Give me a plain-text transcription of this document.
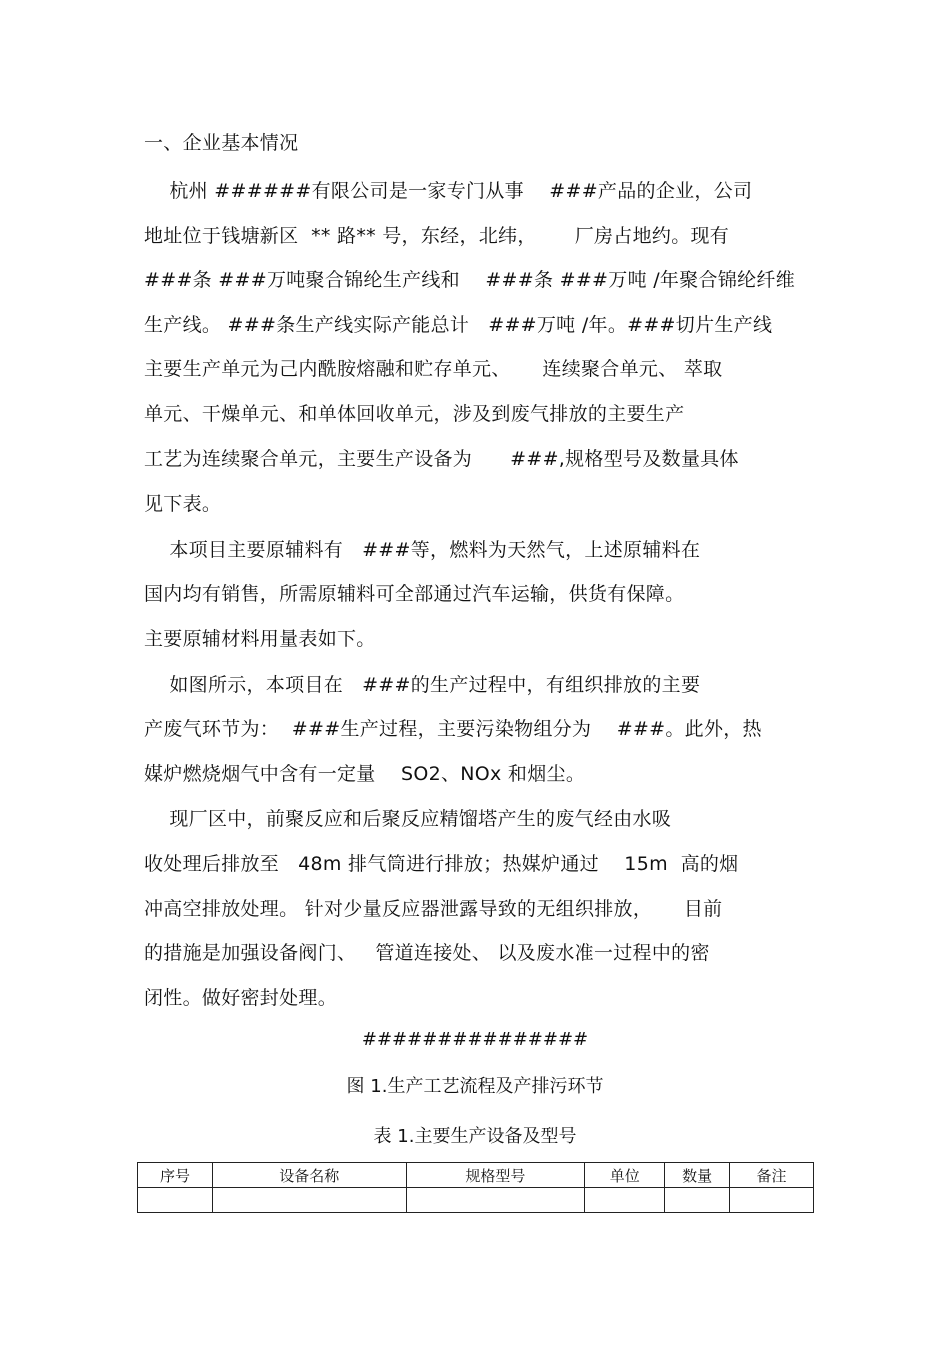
一、企业基本情况
杭州 ######有限公司是一家专门从事    ###产品的企业，公司
地址位于钱塘新区  ** 路** 号，东经，北纬，      厂房占地约。现有
###条 ###万吨聚合锦纶生产线和    ###条 ###万吨 /年聚合锦纶纤维
生产线。 ###条生产线实际产能总计   ###万吨 /年。###切片生产线
主要生产单元为己内酰胺熔融和贮存单元、     连续聚合单元、 萃取
单元、干燥单元、和单体回收单元，涉及到废气排放的主要生产
工艺为连续聚合单元，主要生产设备为      ###,规格型号及数量具体
见下表。
本项目主要原辅料有   ###等，燃料为天然气，上述原辅料在
国内均有销售，所需原辅料可全部通过汽车运输，供货有保障。
主要原辅材料用量表如下。
如图所示，本项目在   ###的生产过程中，有组织排放的主要
产废气环节为：  ###生产过程，主要污染物组分为    ###。此外，热
媒炉燃烧烟气中含有一定量    SO2、NOx 和烟尘。
现厂区中，前聚反应和后聚反应精馏塔产生的废气经由水吸
收处理后排放至   48m 排气筒进行排放；热媒炉通过    15m  高的烟
冲高空排放处理。 针对少量反应器泄露导致的无组织排放，     目前
的措施是加强设备阀门、   管道连接处、 以及废水准一过程中的密
闭性。做好密封处理。
###############
图 1.生产工艺流程及产排污环节
表 1.主要生产设备及型号
序号	设备名称	规格型号	单位	数量	备注
